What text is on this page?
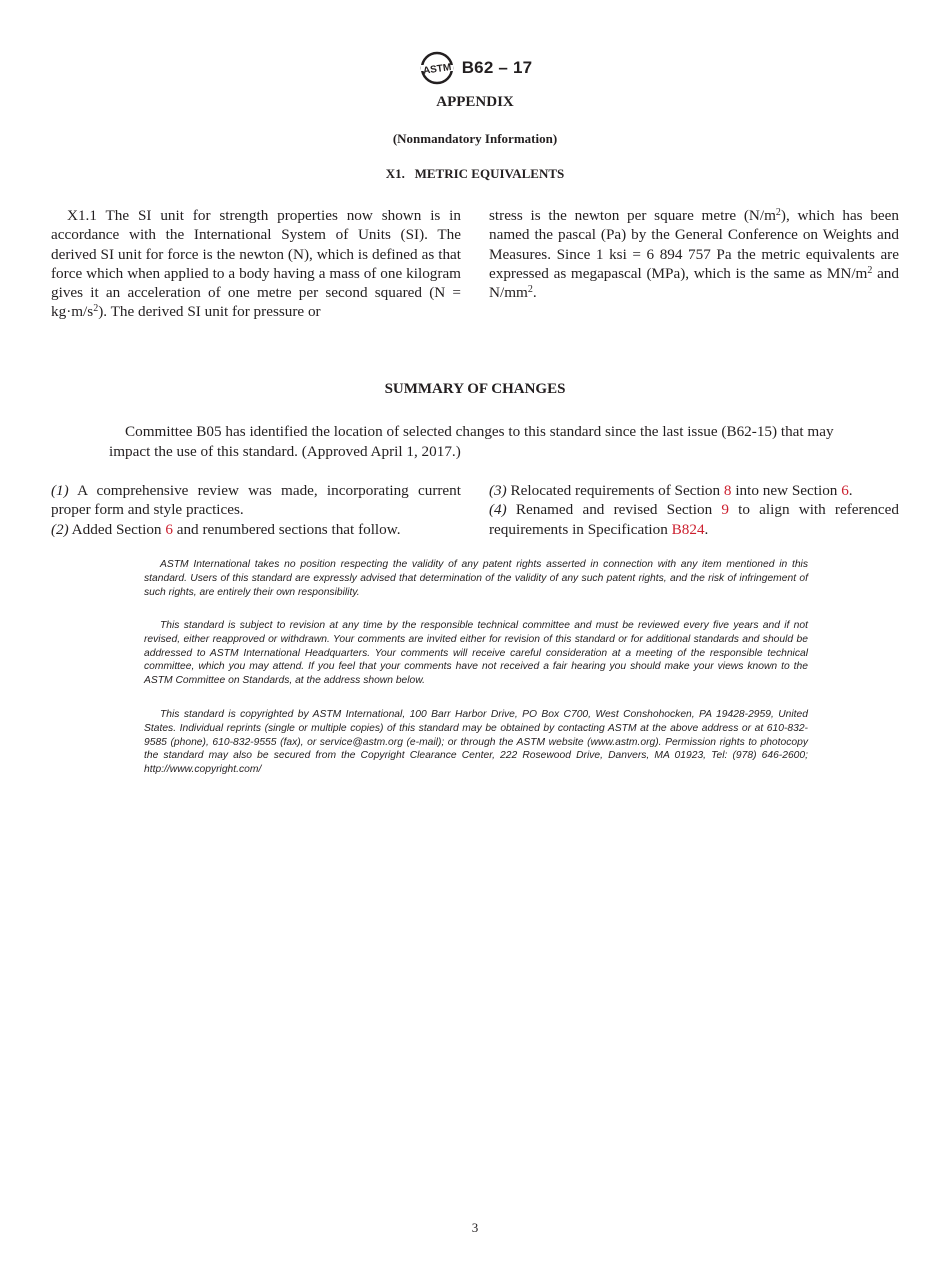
ASTM B62 – 17
APPENDIX
(Nonmandatory Information)
X1.   METRIC EQUIVALENTS

X1.1 The SI unit for strength properties now shown is in accordance with the International System of Units (SI). The derived SI unit for force is the newton (N), which is defined as that force which when applied to a body having a mass of one kilogram gives it an acceleration of one metre per second squared $(N = kg\cdot m/s^2)$. The derived SI unit for pressure or

stress is the newton per square metre $(N/m^2)$, which has been named the pascal (Pa) by the General Conference on Weights and Measures. Since 1 ksi = 6 894 757 Pa the metric equivalents are expressed as megapascal (MPa), which is the same as $MN/m^2$ and $N/mm^2$.

SUMMARY OF CHANGES

Committee B05 has identified the location of selected changes to this standard since the last issue (B62-15) that may impact the use of this standard. (Approved April 1, 2017.)

(1) A comprehensive review was made, incorporating current proper form and style practices.

(2) Added Section 6 and renumbered sections that follow.

(3) Relocated requirements of Section 8 into new Section 6.

(4) Renamed and revised Section 9 to align with referenced requirements in Specification B824.

ASTM International takes no position respecting the validity of any patent rights asserted in connection with any item mentioned in this standard. Users of this standard are expressly advised that determination of the validity of any such patent rights, and the risk of infringement of such rights, are entirely their own responsibility.

This standard is subject to revision at any time by the responsible technical committee and must be reviewed every five years and if not revised, either reapproved or withdrawn. Your comments are invited either for revision of this standard or for additional standards and should be addressed to ASTM International Headquarters. Your comments will receive careful consideration at a meeting of the responsible technical committee, which you may attend. If you feel that your comments have not received a fair hearing you should make your views known to the ASTM Committee on Standards, at the address shown below.

This standard is copyrighted by ASTM International, 100 Barr Harbor Drive, PO Box C700, West Conshohocken, PA 19428-2959, United States. Individual reprints (single or multiple copies) of this standard may be obtained by contacting ASTM at the above address or at 610-832-9585 (phone), 610-832-9555 (fax), or service@astm.org (e-mail); or through the ASTM website (www.astm.org). Permission rights to photocopy the standard may also be secured from the Copyright Clearance Center, 222 Rosewood Drive, Danvers, MA 01923, Tel: (978) 646-2600; http://www.copyright.com/

3
